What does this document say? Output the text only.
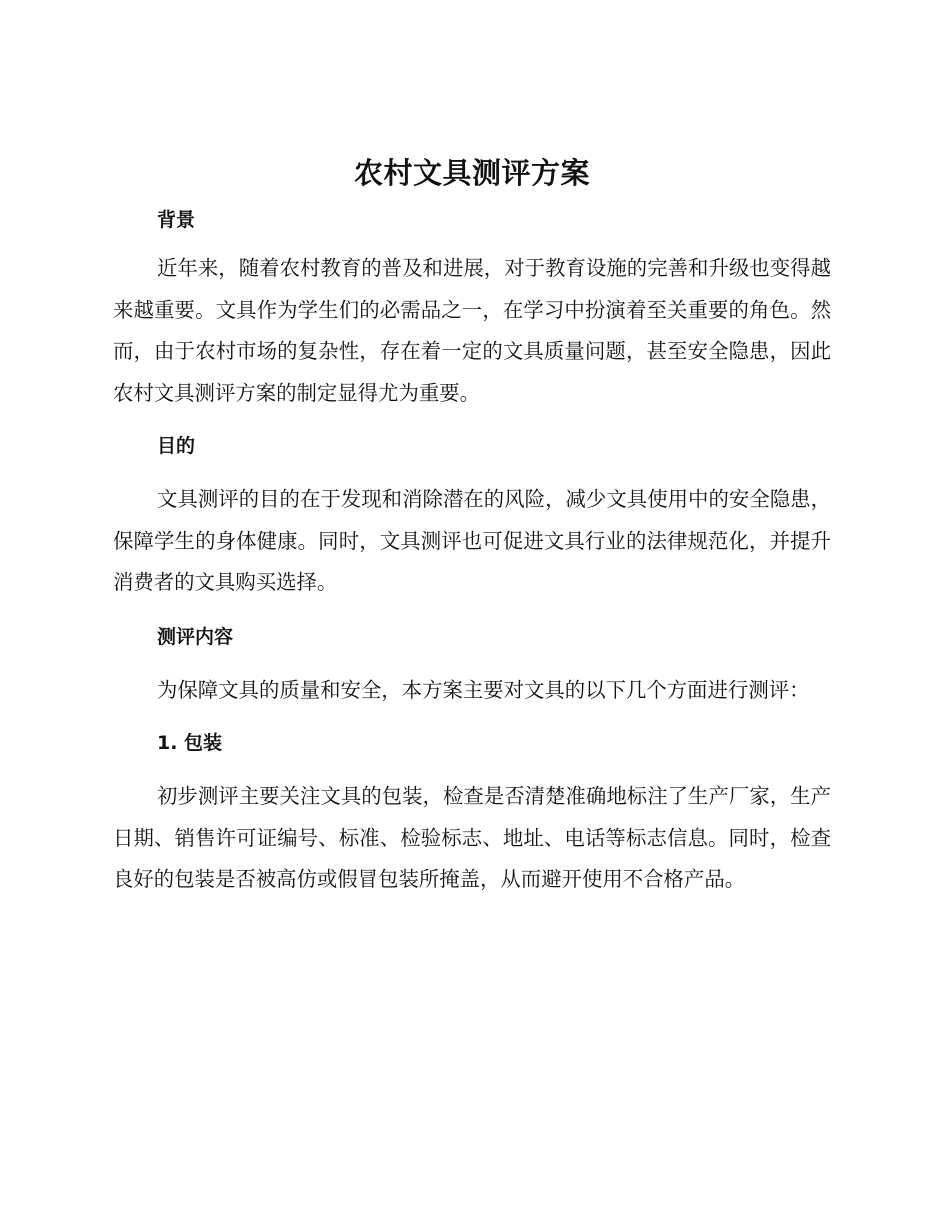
农村文具测评方案
背景

近年来，随着农村教育的普及和进展，对于教育设施的完善和升级也变得越来越重要。文具作为学生们的必需品之一，在学习中扮演着至关重要的角色。然而，由于农村市场的复杂性，存在着一定的文具质量问题，甚至安全隐患，因此农村文具测评方案的制定显得尤为重要。

目的

文具测评的目的在于发现和消除潜在的风险，减少文具使用中的安全隐患，保障学生的身体健康。同时，文具测评也可促进文具行业的法律规范化，并提升消费者的文具购买选择。

测评内容

为保障文具的质量和安全，本方案主要对文具的以下几个方面进行测评：

1. 包装

初步测评主要关注文具的包装，检查是否清楚准确地标注了生产厂家，生产日期、销售许可证编号、标准、检验标志、地址、电话等标志信息。同时，检查良好的包装是否被高仿或假冒包装所掩盖，从而避开使用不合格产品。
